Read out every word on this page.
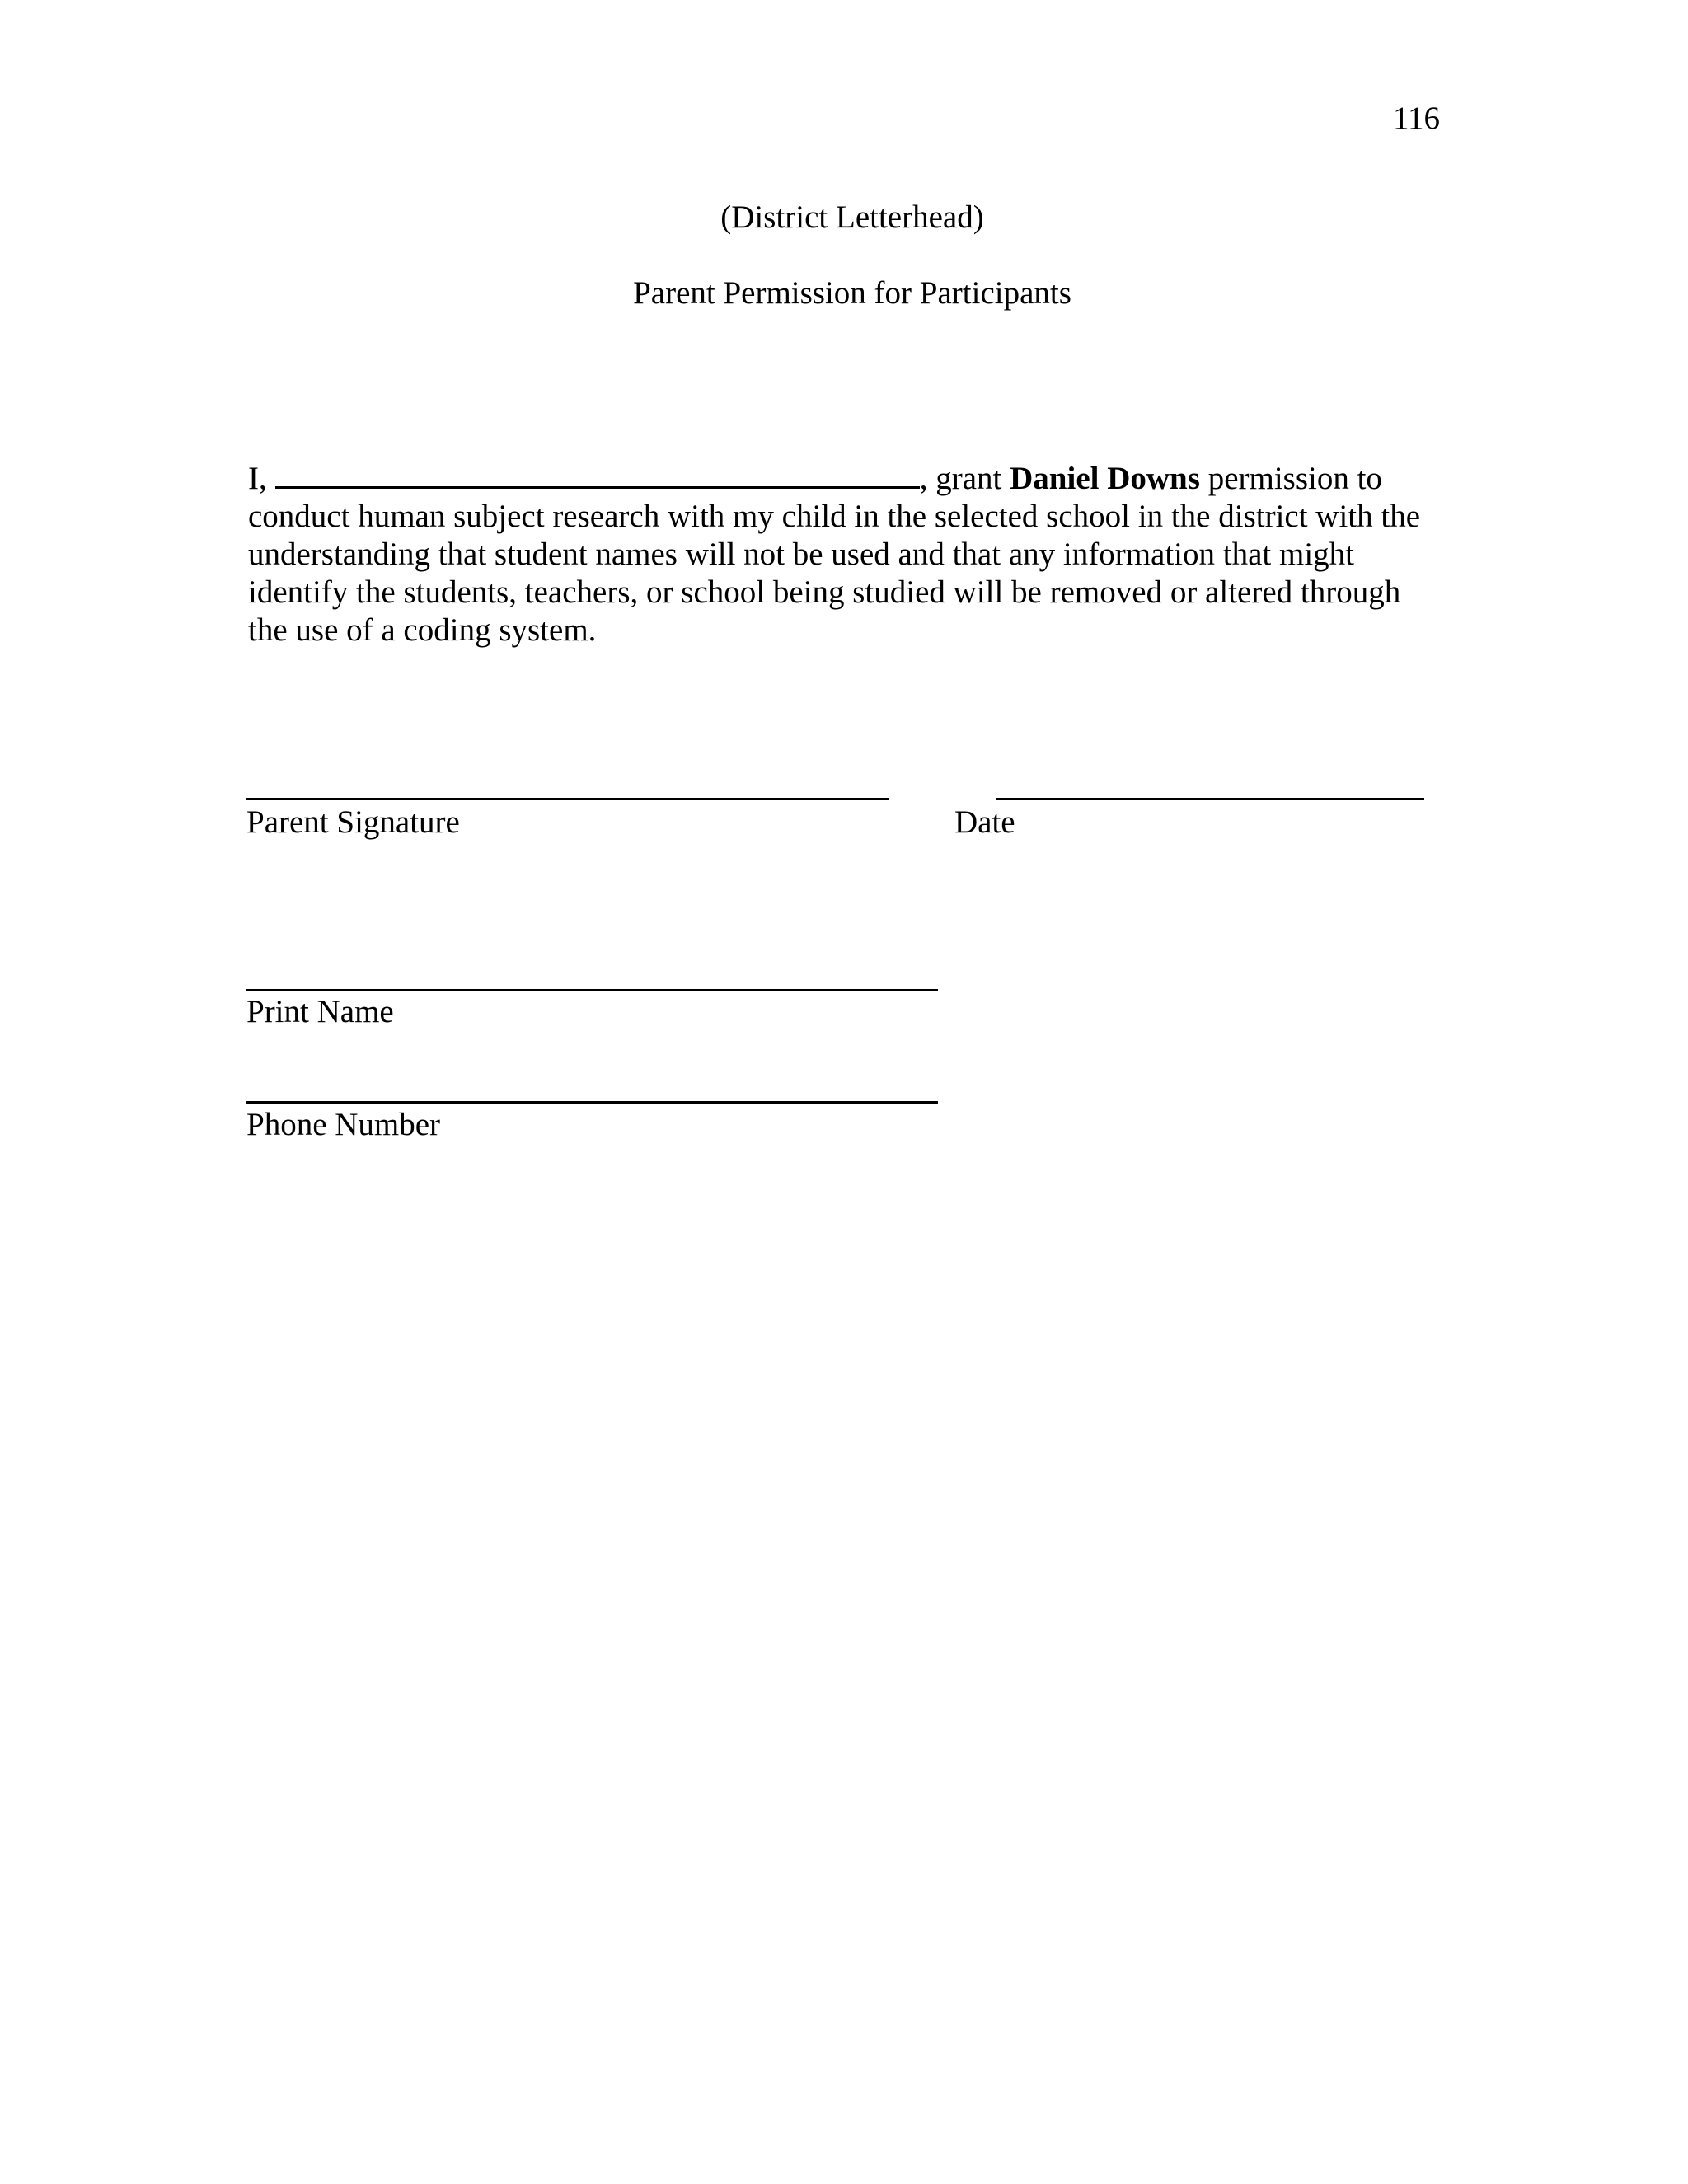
116
(District Letterhead)
Parent Permission for Participants
I,	, grant Daniel Downs permission to conduct human subject research with my child in the selected school in the district with the understanding that student names will not be used and that any information that might identify the students, teachers, or school being studied will be removed or altered through the use of a coding system.
Parent Signature	Date
Print Name
Phone Number
